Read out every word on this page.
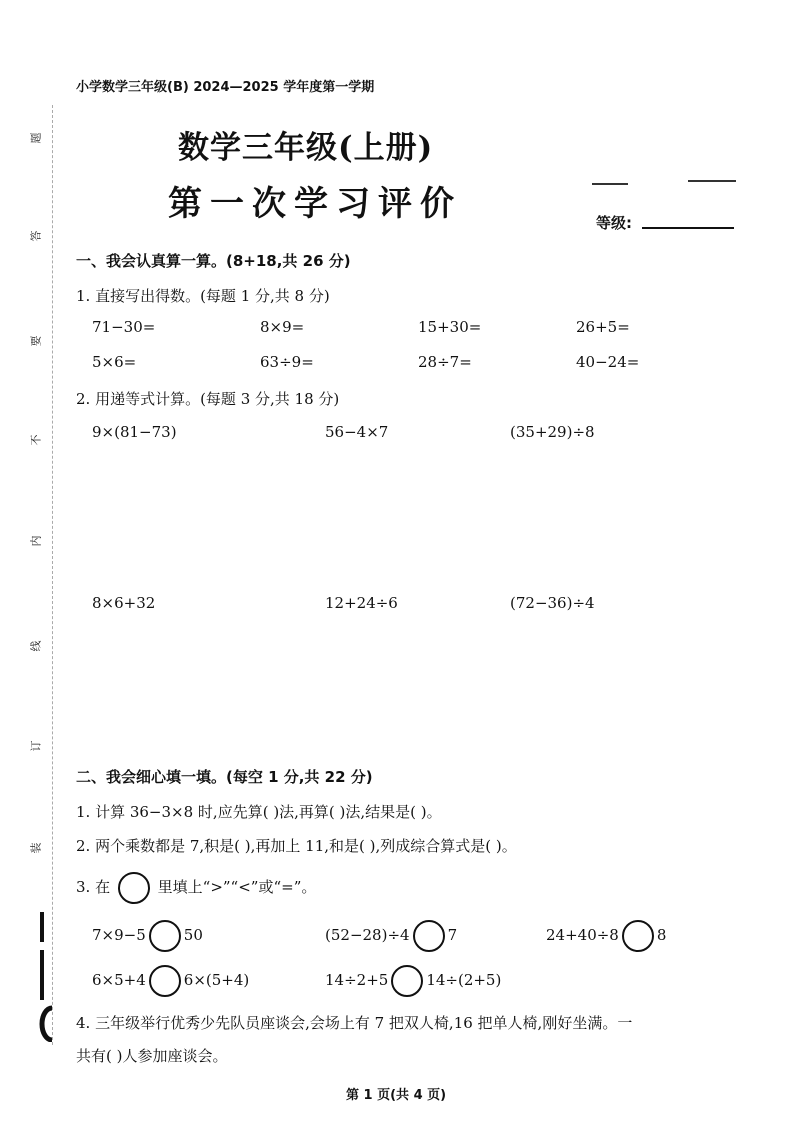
题
答
要
不
内
线
订
装
小学数学三年级(B) 2024—2025 学年度第一学期
数学三年级(上册)
第一次学习评价	等级:
一、我会认真算一算。(8+18,共 26 分)
1. 直接写出得数。(每题 1 分,共 8 分)
71−30=	8×9=	15+30=	26+5=
5×6=	63÷9=	28÷7=	40−24=
2. 用递等式计算。(每题 3 分,共 18 分)
9×(81−73)	56−4×7	(35+29)÷8
8×6+32	12+24÷6	(72−36)÷4
二、我会细心填一填。(每空 1 分,共 22 分)
1. 计算 36−3×8 时,应先算( )法,再算( )法,结果是( )。
2. 两个乘数都是 7,积是( ),再加上 11,和是( ),列成综合算式是( )。
3. 在	里填上“>”“<”或“=”。
7×9−5	50	(52−28)÷4	7	24+40÷8	8
6×5+4	6×(5+4)	14÷2+5	14÷(2+5)
4. 三年级举行优秀少先队员座谈会,会场上有 7 把双人椅,16 把单人椅,刚好坐满。一
共有( )人参加座谈会。
第 1 页(共 4 页)
